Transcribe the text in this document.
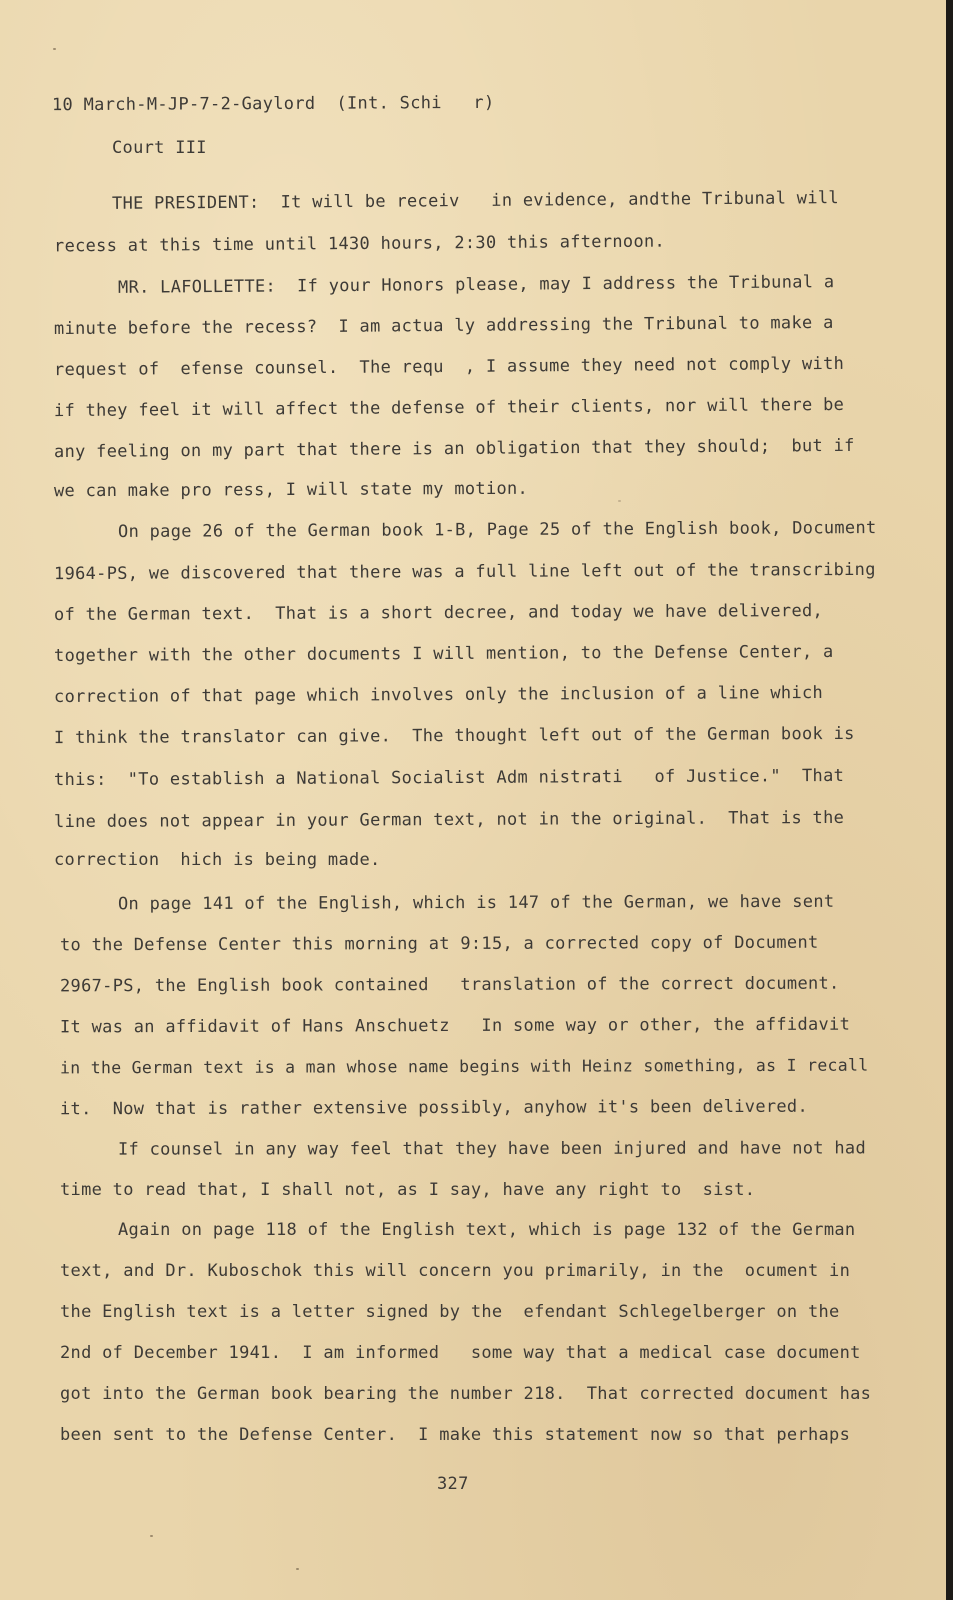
10 March-M-JP-7-2-Gaylord  (Int. Schi   r)
Court III
THE PRESIDENT:  It will be receiv   in evidence, andthe Tribunal will
recess at this time until 1430 hours, 2:30 this afternoon.
MR. LAFOLLETTE:  If your Honors please, may I address the Tribunal a
minute before the recess?  I am actua ly addressing the Tribunal to make a
request of  efense counsel.  The requ  , I assume they need not comply with
if they feel it will affect the defense of their clients, nor will there be
any feeling on my part that there is an obligation that they should;  but if
we can make pro ress, I will state my motion.
On page 26 of the German book 1-B, Page 25 of the English book, Document
1964-PS, we discovered that there was a full line left out of the transcribing
of the German text.  That is a short decree, and today we have delivered,
together with the other documents I will mention, to the Defense Center, a
correction of that page which involves only the inclusion of a line which
I think the translator can give.  The thought left out of the German book is
this:  "To establish a National Socialist Adm nistrati   of Justice."  That
line does not appear in your German text, not in the original.  That is the
correction  hich is being made.
On page 141 of the English, which is 147 of the German, we have sent
to the Defense Center this morning at 9:15, a corrected copy of Document
2967-PS, the English book contained   translation of the correct document.
It was an affidavit of Hans Anschuetz   In some way or other, the affidavit
in the German text is a man whose name begins with Heinz something, as I recall
it.  Now that is rather extensive possibly, anyhow it's been delivered.
If counsel in any way feel that they have been injured and have not had
time to read that, I shall not, as I say, have any right to  sist.
Again on page 118 of the English text, which is page 132 of the German
text, and Dr. Kuboschok this will concern you primarily, in the  ocument in
the English text is a letter signed by the  efendant Schlegelberger on the
2nd of December 1941.  I am informed   some way that a medical case document
got into the German book bearing the number 218.  That corrected document has
been sent to the Defense Center.  I make this statement now so that perhaps
327
